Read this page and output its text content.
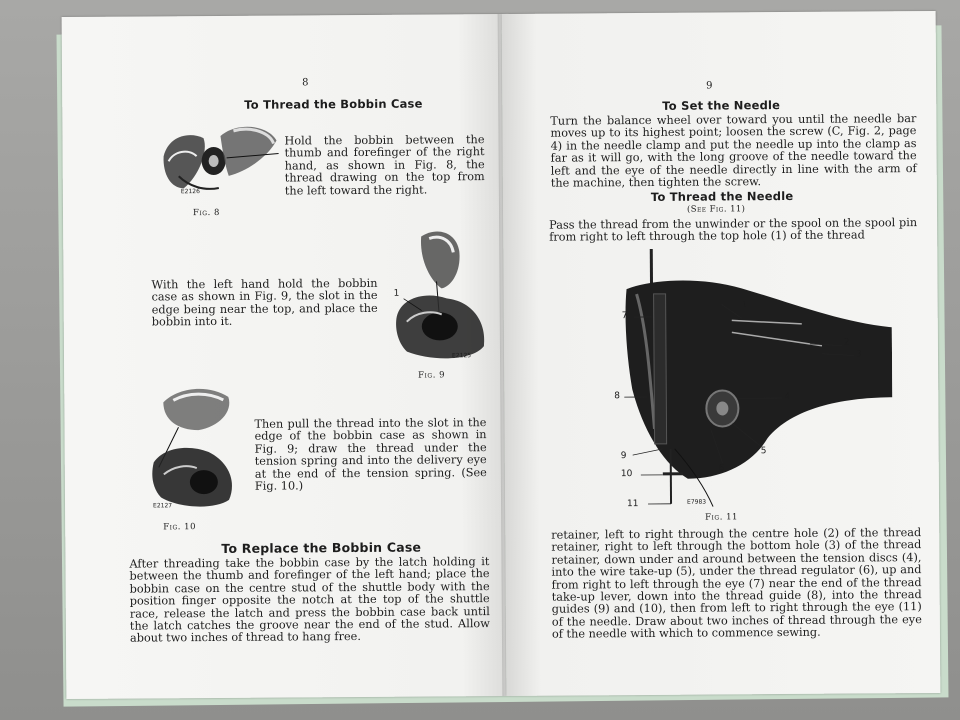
8
To Thread the Bobbin Case
E2126
Fig. 8
Hold the bobbin between the thumb and forefinger of the right hand, as shown in Fig. 8, the thread drawing on the top from the left toward the right.
1
E2125
Fig. 9
With the left hand hold the bobbin case as shown in Fig. 9, the slot in the edge being near the top, and place the bobbin into it.
E2127
Fig. 10
Then pull the thread into the slot in the edge of the bobbin case as shown in Fig. 9; draw the thread under the tension spring and into the delivery eye at the end of the tension spring. (See Fig. 10.)
To Replace the Bobbin Case
After threading take the bobbin case by the latch holding it between the thumb and forefinger of the left hand; place the bobbin case on the centre stud of the shuttle body with the position finger opposite the notch at the top of the shuttle race, release the latch and press the bobbin case back until the latch catches the groove near the end of the stud. Allow about two inches of thread to hang free.
9
To Set the Needle
Turn the balance wheel over toward you until the needle bar moves up to its highest point; loosen the screw (C, Fig. 2, page 4) in the needle clamp and put the needle up into the clamp as far as it will go, with the long groove of the needle toward the left and the eye of the needle directly in line with the arm of the machine, then tighten the screw.
To Thread the Needle
(See Fig. 11)
Pass the thread from the unwinder or the spool on the spool pin from right to left through the top hole (1) of the thread
1
2
3
4
5
6
7
8
9
10
11	E7983
Fig. 11
retainer, left to right through the centre hole (2) of the thread retainer, right to left through the bottom hole (3) of the thread retainer, down under and around between the tension discs (4), into the wire take-up (5), under the thread regulator (6), up and from right to left through the eye (7) near the end of the thread take-up lever, down into the thread guide (8), into the thread guides (9) and (10), then from left to right through the eye (11) of the needle. Draw about two inches of thread through the eye of the needle with which to commence sewing.
